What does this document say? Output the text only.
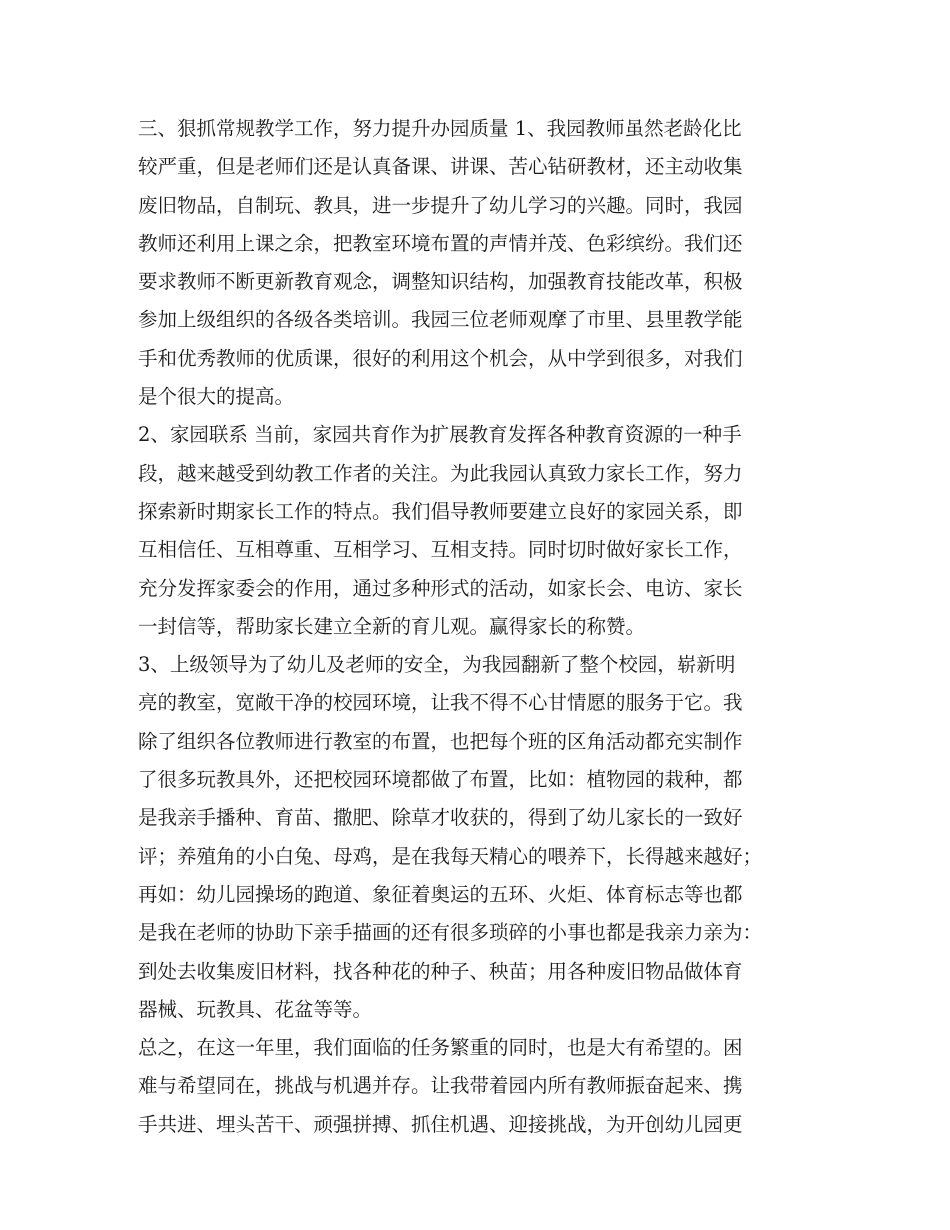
三、狠抓常规教学工作，努力提升办园质量 1、我园教师虽然老龄化比
较严重，但是老师们还是认真备课、讲课、苦心钻研教材，还主动收集
废旧物品，自制玩、教具，进一步提升了幼儿学习的兴趣。同时，我园
教师还利用上课之余，把教室环境布置的声情并茂、色彩缤纷。我们还
要求教师不断更新教育观念，调整知识结构，加强教育技能改革，积极
参加上级组织的各级各类培训。我园三位老师观摩了市里、县里教学能
手和优秀教师的优质课，很好的利用这个机会，从中学到很多，对我们
是个很大的提高。
2、家园联系 当前，家园共育作为扩展教育发挥各种教育资源的一种手
段，越来越受到幼教工作者的关注。为此我园认真致力家长工作，努力
探索新时期家长工作的特点。我们倡导教师要建立良好的家园关系，即
互相信任、互相尊重、互相学习、互相支持。同时切时做好家长工作，
充分发挥家委会的作用，通过多种形式的活动，如家长会、电访、家长
一封信等，帮助家长建立全新的育儿观。赢得家长的称赞。
3、上级领导为了幼儿及老师的安全，为我园翻新了整个校园，崭新明
亮的教室，宽敞干净的校园环境，让我不得不心甘情愿的服务于它。我
除了组织各位教师进行教室的布置，也把每个班的区角活动都充实制作
了很多玩教具外，还把校园环境都做了布置，比如：植物园的栽种，都
是我亲手播种、育苗、撒肥、除草才收获的，得到了幼儿家长的一致好
评；养殖角的小白兔、母鸡，是在我每天精心的喂养下，长得越来越好；
再如：幼儿园操场的跑道、象征着奥运的五环、火炬、体育标志等也都
是我在老师的协助下亲手描画的还有很多琐碎的小事也都是我亲力亲为：
到处去收集废旧材料，找各种花的种子、秧苗；用各种废旧物品做体育
器械、玩教具、花盆等等。
总之，在这一年里，我们面临的任务繁重的同时，也是大有希望的。困
难与希望同在，挑战与机遇并存。让我带着园内所有教师振奋起来、携
手共进、埋头苦干、顽强拼搏、抓住机遇、迎接挑战，为开创幼儿园更
